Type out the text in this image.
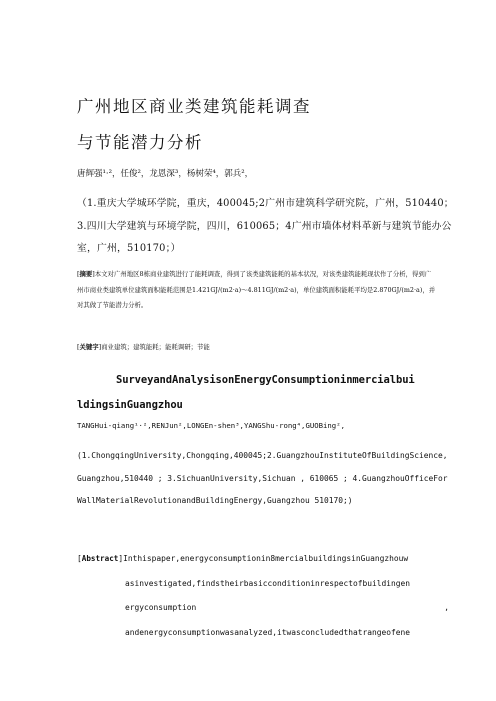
广州地区商业类建筑能耗调查
与节能潜力分析
唐辉强¹·²，任俊²，龙恩深³，杨树荣⁴，郭兵²，
（1.重庆大学城环学院，重庆，400045;2广州市建筑科学研究院，广州，510440；3.四川大学建筑与环境学院，四川，610065；4广州市墙体材料革新与建筑节能办公室，广州，510170；）
[摘要]本文对广州地区8栋商业建筑进行了能耗调查，得到了该类建筑能耗的基本状况，对该类建筑能耗现状作了分析，得到广州市商业类建筑单位建筑面积能耗范围是1.421GJ/(m2·a)～4.811GJ/(m2·a)，单位建筑面积能耗平均是2.870GJ/(m2·a)，并对其做了节能潜力分析。
[关键字]商业建筑；建筑能耗；能耗调研；节能
SurveyandAnalysisonEnergyConsumptioninmercialbui
ldingsinGuangzhou
TANGHui-qiang¹·²,RENJun²,LONGEn-shen³,YANGShu-rong⁴,GUOBing²,
(1.ChongqingUniversity,Chongqing,400045;2.GuangzhouInstituteOfBuildingScience,Guangzhou,510440 ; 3.SichuanUniversity,Sichuan , 610065 ; 4.GuangzhouOfficeForWallMaterialRevolutionandBuildingEnergy,Guangzhou 510170;)
[Abstract]Inthispaper,energyconsumptionin8mercialbuildingsinGuangzhouw
asinvestigated,findstheirbasicconditioninrespectofbuildingen
ergyconsumption	,
andenergyconsumptionwasanalyzed,itwasconcludedthatrangeofene
